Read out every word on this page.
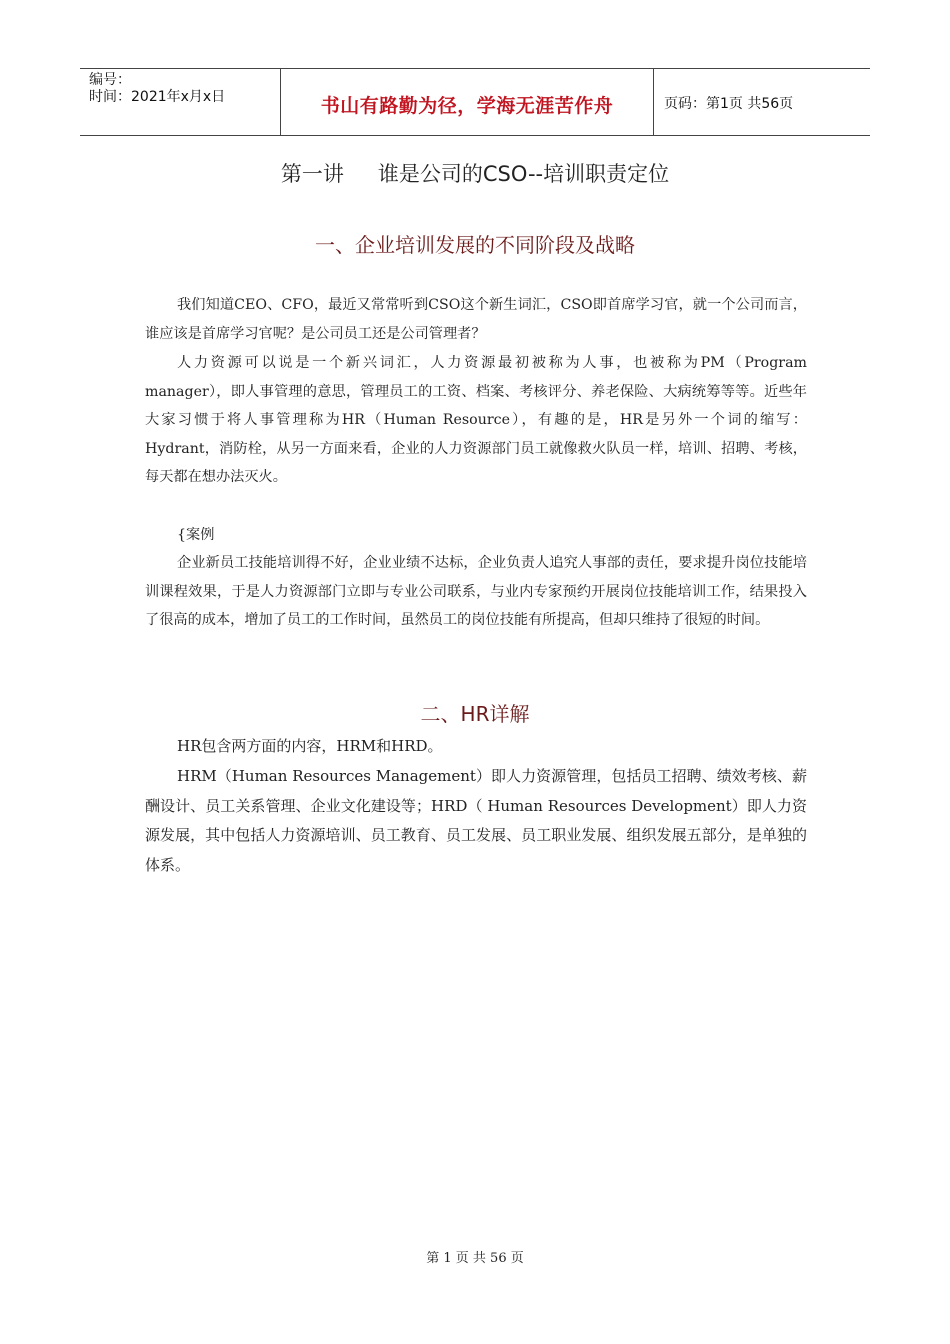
编号：
时间：2021年x月x日	书山有路勤为径，学海无涯苦作舟	页码：第1页 共56页
第一讲 谁是公司的CSO--培训职责定位
一、企业培训发展的不同阶段及战略

我们知道CEO、CFO，最近又常常听到CSO这个新生词汇，CSO即首席学习官，就一个公司而言，谁应该是首席学习官呢？是公司员工还是公司管理者？

人力资源可以说是一个新兴词汇，人力资源最初被称为人事，也被称为PM（Program manager），即人事管理的意思，管理员工的工资、档案、考核评分、养老保险、大病统筹等等。近些年大家习惯于将人事管理称为HR（Human Resource），有趣的是，HR是另外一个词的缩写：Hydrant，消防栓，从另一方面来看，企业的人力资源部门员工就像救火队员一样，培训、招聘、考核，每天都在想办法灭火。

{案例

企业新员工技能培训得不好，企业业绩不达标，企业负责人追究人事部的责任，要求提升岗位技能培训课程效果，于是人力资源部门立即与专业公司联系，与业内专家预约开展岗位技能培训工作，结果投入了很高的成本，增加了员工的工作时间，虽然员工的岗位技能有所提高，但却只维持了很短的时间。

二、HR详解

HR包含两方面的内容，HRM和HRD。

HRM（Human Resources Management）即人力资源管理，包括员工招聘、绩效考核、薪酬设计、员工关系管理、企业文化建设等；HRD（ Human Resources Development）即人力资源发展，其中包括人力资源培训、员工教育、员工发展、员工职业发展、组织发展五部分，是单独的体系。

第 1 页 共 56 页
